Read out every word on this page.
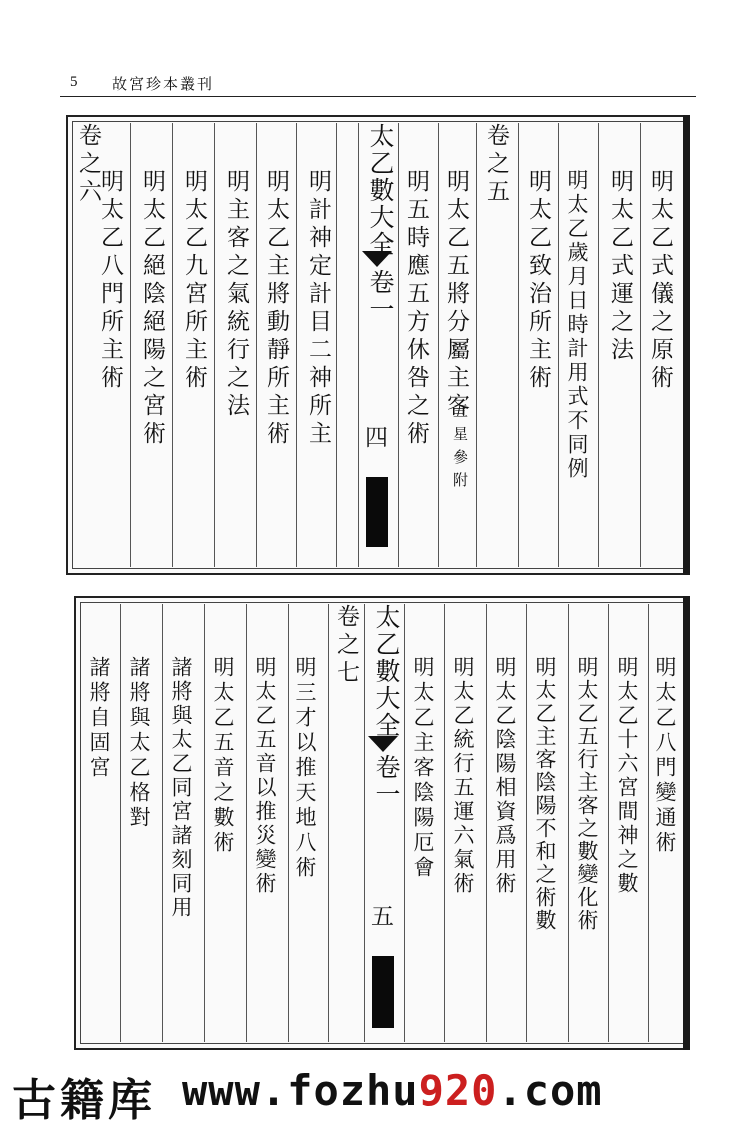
5 故宮珍本叢刊
明太乙式儀之原術
明太乙式運之法
明太乙歲月日時計用式不同例
明太乙致治所主術
卷之五
明太乙五將分屬主客
五星參附
明五時應五方休咎之術
太乙數大全
卷一
四
明計神定計目二神所主
明太乙主將動靜所主術
明主客之氣統行之法
明太乙九宮所主術
明太乙絕陰絕陽之宮術
明太乙八門所主術
卷之六
明太乙八門變通術
明太乙十六宮間神之數
明太乙五行主客之數變化術
明太乙主客陰陽不和之術數
明太乙陰陽相資爲用術
明太乙統行五運六氣術
明太乙主客陰陽厄會
太乙數大全
卷一
五
卷之七
明三才以推天地八術
明太乙五音以推災變術
明太乙五音之數術
諸將與太乙同宮諸刻同用
諸將與太乙格對
諸將自固宮
古籍库 www.fozhu920.com
